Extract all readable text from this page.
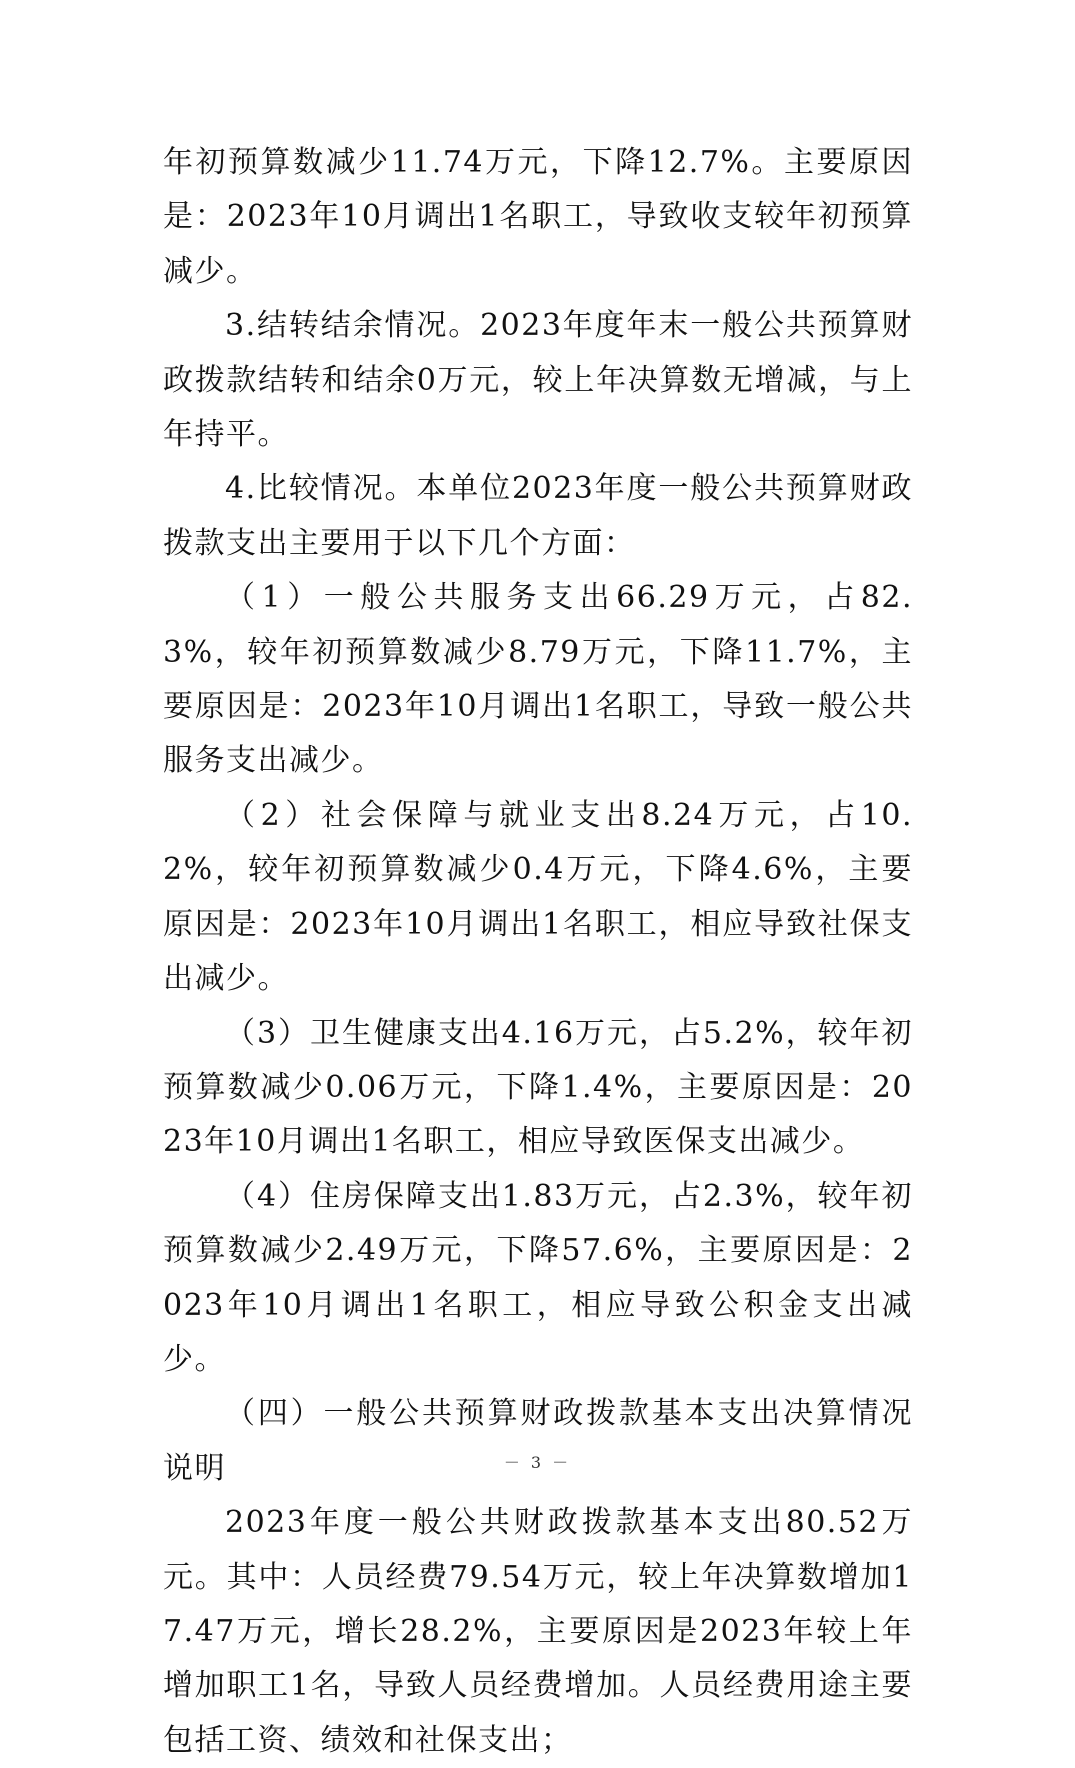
年初预算数减少11.74万元，下降12.7%。主要原因是：2023年10月调出1名职工，导致收支较年初预算减少。

3.结转结余情况。2023年度年末一般公共预算财政拨款结转和结余0万元，较上年决算数无增减，与上年持平。

4.比较情况。本单位2023年度一般公共预算财政拨款支出主要用于以下几个方面：

（1）一般公共服务支出66.29万元，占82.3%，较年初预算数减少8.79万元，下降11.7%，主要原因是：2023年10月调出1名职工，导致一般公共服务支出减少。

（2）社会保障与就业支出8.24万元，占10.2%，较年初预算数减少0.4万元，下降4.6%，主要原因是：2023年10月调出1名职工，相应导致社保支出减少。

（3）卫生健康支出4.16万元，占5.2%，较年初预算数减少0.06万元，下降1.4%，主要原因是：2023年10月调出1名职工，相应导致医保支出减少。

（4）住房保障支出1.83万元，占2.3%，较年初预算数减少2.49万元，下降57.6%，主要原因是：2023年10月调出1名职工，相应导致公积金支出减少。

（四）一般公共预算财政拨款基本支出决算情况说明

2023年度一般公共财政拨款基本支出80.52万元。其中：人员经费79.54万元，较上年决算数增加17.47万元，增长28.2%，主要原因是2023年较上年增加职工1名，导致人员经费增加。人员经费用途主要包括工资、绩效和社保支出；

－ 3 －
